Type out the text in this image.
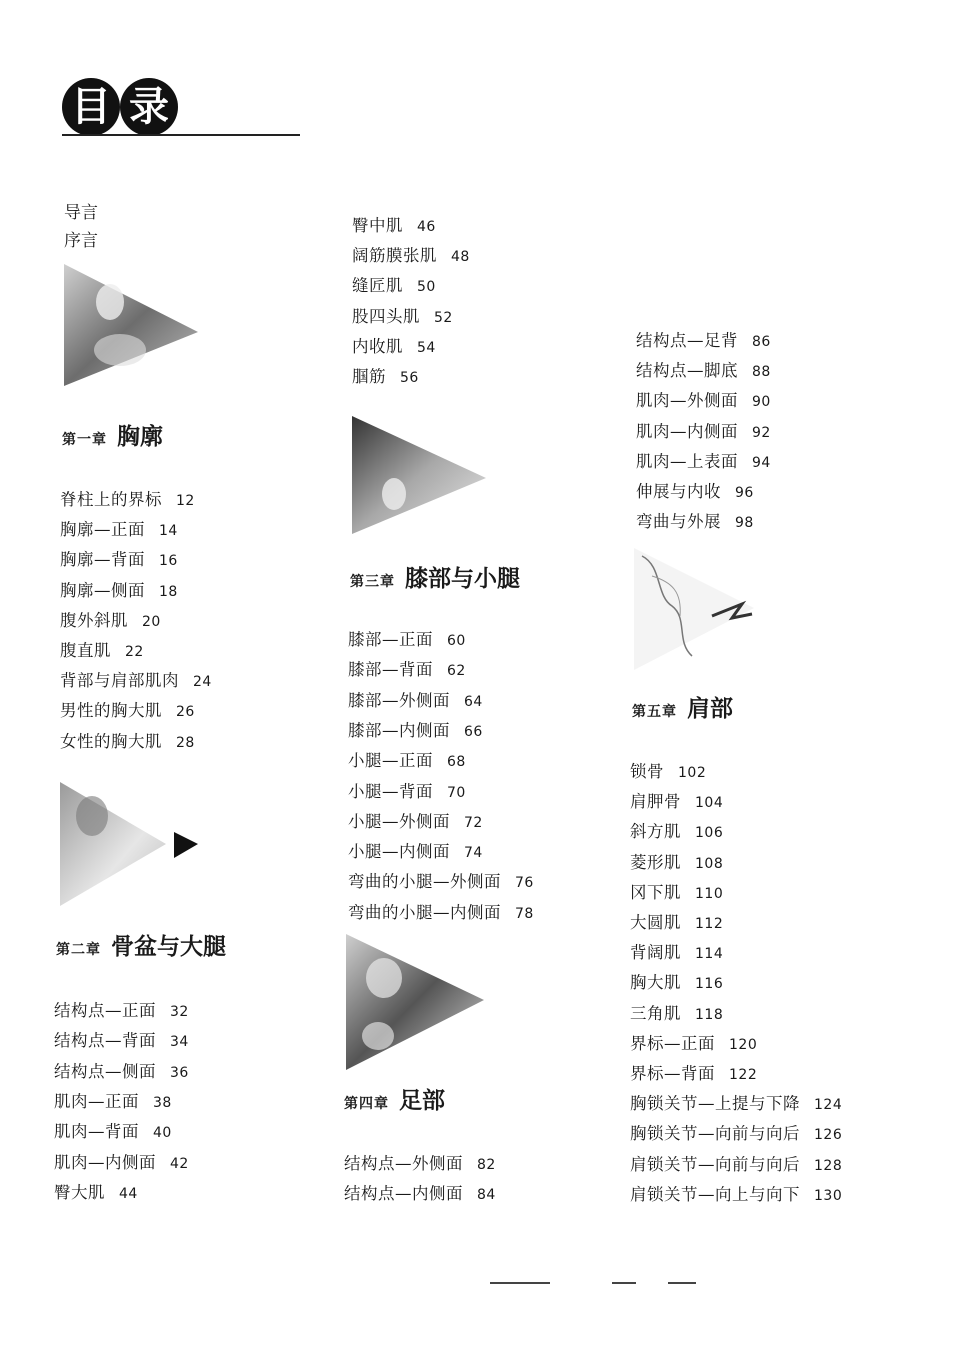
目 录
导言
序言
第一章 胸廓
第二章 骨盆与大腿
第三章 膝部与小腿
第四章 足部
第五章 肩部
脊柱上的界标 12
胸廓—正面 14
胸廓—背面 16
胸廓—侧面 18
腹外斜肌 20
腹直肌 22
背部与肩部肌肉 24
男性的胸大肌 26
女性的胸大肌 28
结构点—正面 32
结构点—背面 34
结构点—侧面 36
肌肉—正面 38
肌肉—背面 40
肌肉—内侧面 42
臀大肌 44
臀中肌 46
阔筋膜张肌 48
缝匠肌 50
股四头肌 52
内收肌 54
腘筋 56
膝部—正面 60
膝部—背面 62
膝部—外侧面 64
膝部—内侧面 66
小腿—正面 68
小腿—背面 70
小腿—外侧面 72
小腿—内侧面 74
弯曲的小腿—外侧面 76
弯曲的小腿—内侧面 78
结构点—外侧面 82
结构点—内侧面 84
结构点—足背 86
结构点—脚底 88
肌肉—外侧面 90
肌肉—内侧面 92
肌肉—上表面 94
伸展与内收 96
弯曲与外展 98
锁骨 102
肩胛骨 104
斜方肌 106
菱形肌 108
冈下肌 110
大圆肌 112
背阔肌 114
胸大肌 116
三角肌 118
界标—正面 120
界标—背面 122
胸锁关节—上提与下降 124
胸锁关节—向前与向后 126
肩锁关节—向前与向后 128
肩锁关节—向上与向下 130
